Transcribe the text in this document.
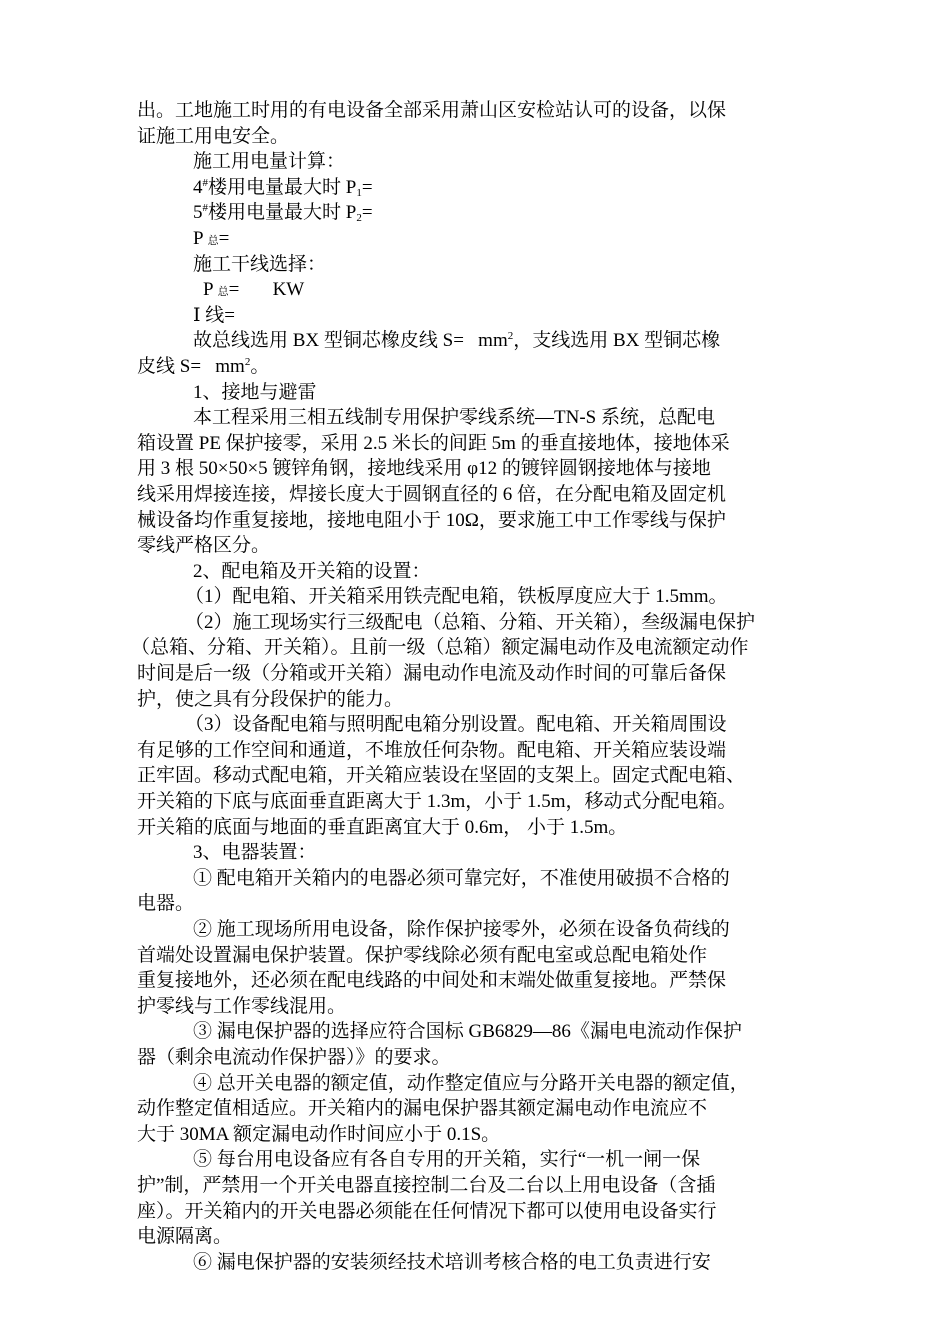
出。工地施工时用的有电设备全部采用萧山区安检站认可的设备，以保
证施工用电安全。
施工用电量计算：
4#楼用电量最大时 $P_1=$
5#楼用电量最大时 $P_2=$
P 总=
施工干线选择：
P 总=       KW
Ⅰ 线=
故总线选用 BX 型铜芯橡皮线 $S= mm^2$，支线选用 BX 型铜芯橡
皮线 $S= mm^2$。
1、接地与避雷
本工程采用三相五线制专用保护零线系统—TN-S 系统，总配电
箱设置 PE 保护接零，采用 2.5 米长的间距 5m 的垂直接地体，接地体采
用 3 根 50×50×5 镀锌角钢，接地线采用 φ12 的镀锌圆钢接地体与接地
线采用焊接连接，焊接长度大于圆钢直径的 6 倍，在分配电箱及固定机
械设备均作重复接地，接地电阻小于 10Ω，要求施工中工作零线与保护
零线严格区分。
2、配电箱及开关箱的设置：
（1）配电箱、开关箱采用铁壳配电箱，铁板厚度应大于 1.5mm。
（2）施工现场实行三级配电（总箱、分箱、开关箱），叁级漏电保护
（总箱、分箱、开关箱）。且前一级（总箱）额定漏电动作及电流额定动作
时间是后一级（分箱或开关箱）漏电动作电流及动作时间的可靠后备保
护，使之具有分段保护的能力。
（3）设备配电箱与照明配电箱分别设置。配电箱、开关箱周围设
有足够的工作空间和通道，不堆放任何杂物。配电箱、开关箱应装设端
正牢固。移动式配电箱，开关箱应装设在坚固的支架上。固定式配电箱、
开关箱的下底与底面垂直距离大于 1.3m，小于 1.5m，移动式分配电箱。
开关箱的底面与地面的垂直距离宜大于 0.6m， 小于 1.5m。
3、电器装置：
① 配电箱开关箱内的电器必须可靠完好，不准使用破损不合格的
电器。
② 施工现场所用电设备，除作保护接零外，必须在设备负荷线的
首端处设置漏电保护装置。保护零线除必须有配电室或总配电箱处作
重复接地外，还必须在配电线路的中间处和末端处做重复接地。严禁保
护零线与工作零线混用。
③ 漏电保护器的选择应符合国标 GB6829—86《漏电电流动作保护
器（剩余电流动作保护器）》的要求。
④ 总开关电器的额定值，动作整定值应与分路开关电器的额定值，
动作整定值相适应。开关箱内的漏电保护器其额定漏电动作电流应不
大于 30MA 额定漏电动作时间应小于 0.1S。
⑤ 每台用电设备应有各自专用的开关箱，实行“一机一闸一保
护”制，严禁用一个开关电器直接控制二台及二台以上用电设备（含插
座）。开关箱内的开关电器必须能在任何情况下都可以使用电设备实行
电源隔离。
⑥ 漏电保护器的安装须经技术培训考核合格的电工负责进行安
